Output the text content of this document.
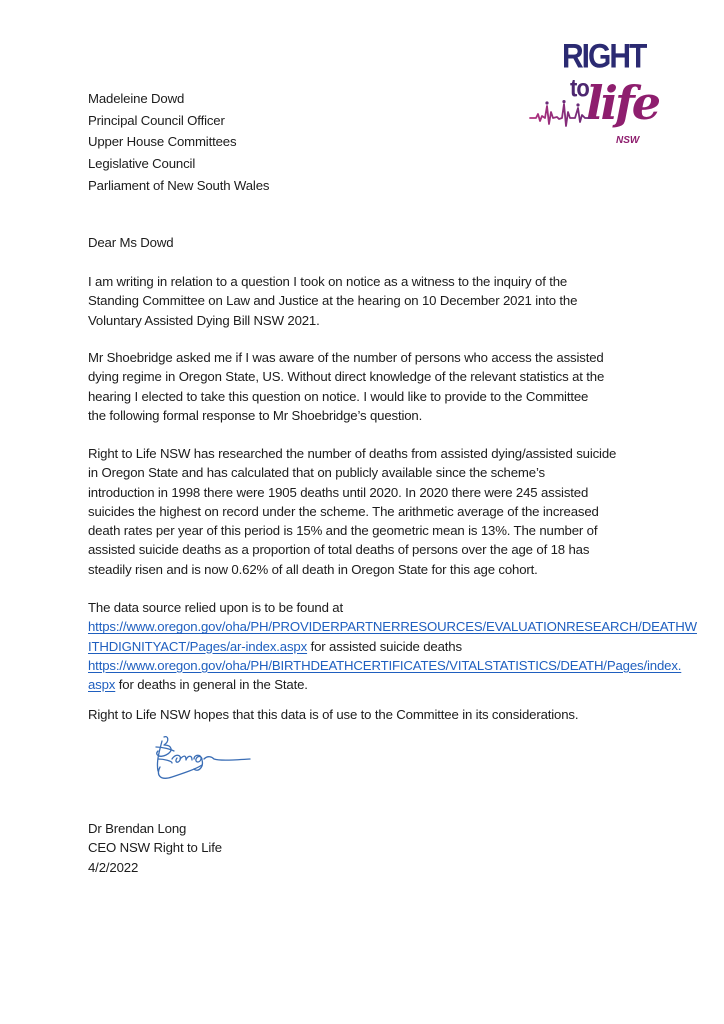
RIGHT
to
life
NSW
Madeleine Dowd
Principal Council Officer
Upper House Committees
Legislative Council
Parliament of New South Wales
Dear Ms Dowd
I am writing in relation to a question I took on notice as a witness to the inquiry of the
Standing Committee on Law and Justice at the hearing on 10 December 2021 into the
Voluntary Assisted Dying Bill NSW 2021.
Mr Shoebridge asked me if I was aware of the number of persons who access the assisted
dying regime in Oregon State, US. Without direct knowledge of the relevant statistics at the
hearing I elected to take this question on notice. I would like to provide to the Committee
the following formal response to Mr Shoebridge’s question.
Right to Life NSW has researched the number of deaths from assisted dying/assisted suicide
in Oregon State and has calculated that on publicly available since the scheme’s
introduction in 1998 there were 1905 deaths until 2020. In 2020 there were 245 assisted
suicides the highest on record under the scheme. The arithmetic average of the increased
death rates per year of this period is 15% and the geometric mean is 13%. The number of
assisted suicide deaths as a proportion of total deaths of persons over the age of 18 has
steadily risen and is now 0.62% of all death in Oregon State for this age cohort.
The data source relied upon is to be found at
https://www.oregon.gov/oha/PH/PROVIDERPARTNERRESOURCES/EVALUATIONRESEARCH/DEATHW
ITHDIGNITYACT/Pages/ar-index.aspx for assisted suicide deaths
https://www.oregon.gov/oha/PH/BIRTHDEATHCERTIFICATES/VITALSTATISTICS/DEATH/Pages/index.
aspx for deaths in general in the State.
Right to Life NSW hopes that this data is of use to the Committee in its considerations.
Dr Brendan Long
CEO NSW Right to Life
4/2/2022
